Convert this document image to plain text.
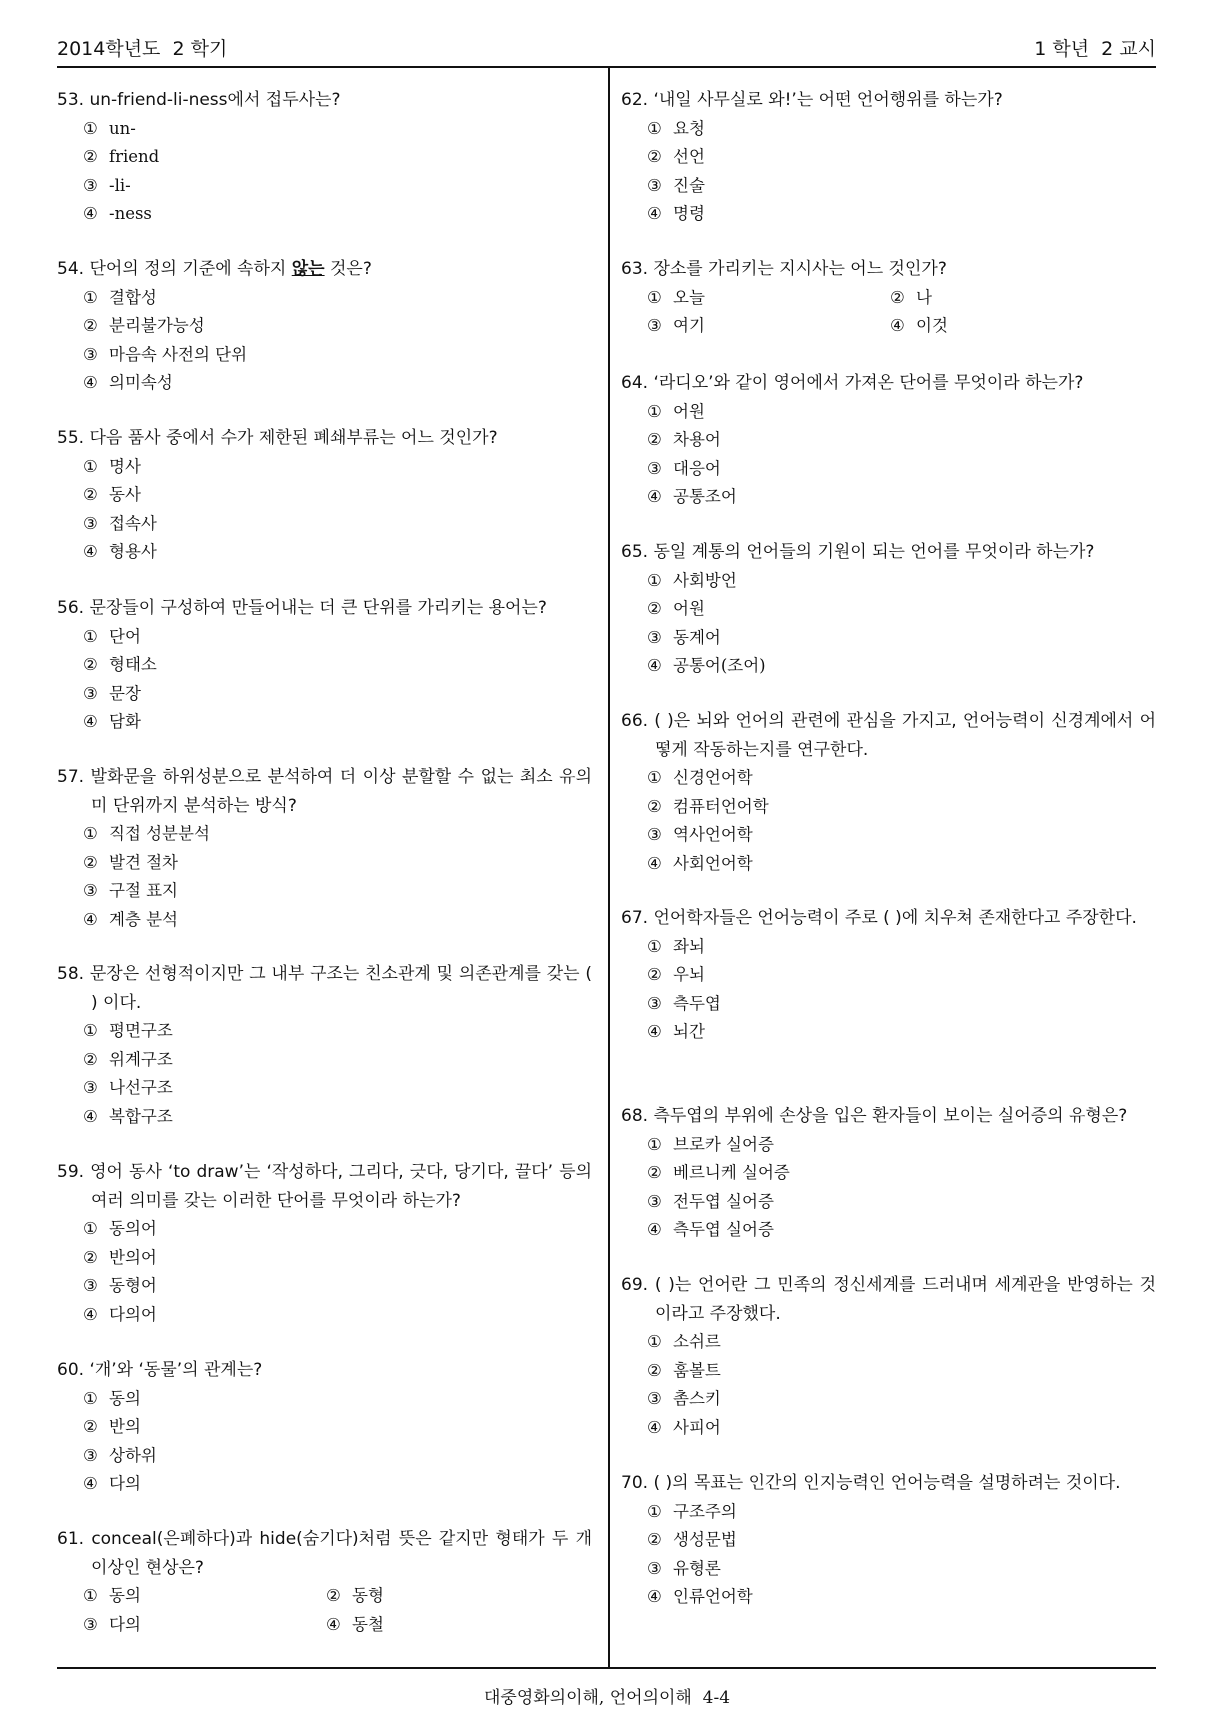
2014학년도  2 학기	1 학년  2 교시
53. un-friend-li-ness에서 접두사는?
① un-
② friend
③ -li-
④ -ness
54. 단어의 정의 기준에 속하지 않는 것은?
① 결합성
② 분리불가능성
③ 마음속 사전의 단위
④ 의미속성
55. 다음 품사 중에서 수가 제한된 폐쇄부류는 어느 것인가?
① 명사
② 동사
③ 접속사
④ 형용사
56. 문장들이 구성하여 만들어내는 더 큰 단위를 가리키는 용어는?
① 단어
② 형태소
③ 문장
④ 담화
57. 발화문을 하위성분으로 분석하여 더 이상 분할할 수 없는 최소 유의미 단위까지 분석하는 방식?
① 직접 성분분석
② 발견 절차
③ 구절 표지
④ 계층 분석
58. 문장은 선형적이지만 그 내부 구조는 친소관계 및 의존관계를 갖는 ( ) 이다.
① 평면구조
② 위계구조
③ 나선구조
④ 복합구조
59. 영어 동사 ‘to draw’는 ‘작성하다, 그리다, 긋다, 당기다, 끌다’ 등의 여러 의미를 갖는 이러한 단어를 무엇이라 하는가?
① 동의어
② 반의어
③ 동형어
④ 다의어
60. ‘개’와 ‘동물’의 관계는?
① 동의
② 반의
③ 상하위
④ 다의
61. conceal(은폐하다)과 hide(숨기다)처럼 뜻은 같지만 형태가 두 개 이상인 현상은?
① 동의	② 동형
③ 다의	④ 동철
62. ‘내일 사무실로 와!’는 어떤 언어행위를 하는가?
① 요청
② 선언
③ 진술
④ 명령
63. 장소를 가리키는 지시사는 어느 것인가?
① 오늘	② 나
③ 여기	④ 이것
64. ‘라디오’와 같이 영어에서 가져온 단어를 무엇이라 하는가?
① 어원
② 차용어
③ 대응어
④ 공통조어
65. 동일 계통의 언어들의 기원이 되는 언어를 무엇이라 하는가?
① 사회방언
② 어원
③ 동계어
④ 공통어(조어)
66. ( )은 뇌와 언어의 관련에 관심을 가지고, 언어능력이 신경계에서 어떻게 작동하는지를 연구한다.
① 신경언어학
② 컴퓨터언어학
③ 역사언어학
④ 사회언어학
67. 언어학자들은 언어능력이 주로 ( )에 치우쳐 존재한다고 주장한다.
① 좌뇌
② 우뇌
③ 측두엽
④ 뇌간
68. 측두엽의 부위에 손상을 입은 환자들이 보이는 실어증의 유형은?
① 브로카 실어증
② 베르니케 실어증
③ 전두엽 실어증
④ 측두엽 실어증
69. ( )는 언어란 그 민족의 정신세계를 드러내며 세계관을 반영하는 것이라고 주장했다.
① 소쉬르
② 훔볼트
③ 촘스키
④ 사피어
70. ( )의 목표는 인간의 인지능력인 언어능력을 설명하려는 것이다.
① 구조주의
② 생성문법
③ 유형론
④ 인류언어학
대중영화의이해, 언어의이해  4-4
